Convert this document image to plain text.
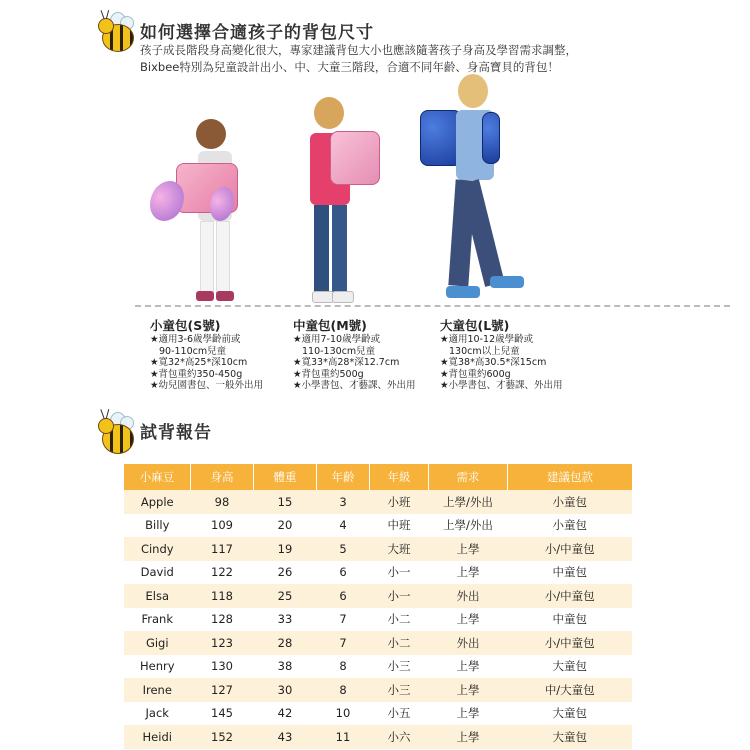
如何選擇合適孩子的背包尺寸
孩子成長階段身高變化很大，專家建議背包大小也應該隨著孩子身高及學習需求調整，
Bixbee特別為兒童設計出小、中、大童三階段，合適不同年齡、身高寶貝的背包！
小童包(S號)
★適用3-6歲學齡前或
90-110cm兒童
★寬32*高25*深10cm
★背包重約350-450g
★幼兒園書包、一般外出用
中童包(M號)
★適用7-10歲學齡或
110-130cm兒童
★寬33*高28*深12.7cm
★背包重約500g
★小學書包、才藝課、外出用
大童包(L號)
★適用10-12歲學齡或
130cm以上兒童
★寬38*高30.5*深15cm
★背包重約600g
★小學書包、才藝課、外出用
試背報告
小麻豆	身高	體重	年齡	年級	需求	建議包款
Apple	98	15	3	小班	上學/外出	小童包
Billy	109	20	4	中班	上學/外出	小童包
Cindy	117	19	5	大班	上學	小/中童包
David	122	26	6	小一	上學	中童包
Elsa	118	25	6	小一	外出	小/中童包
Frank	128	33	7	小二	上學	中童包
Gigi	123	28	7	小二	外出	小/中童包
Henry	130	38	8	小三	上學	大童包
Irene	127	30	8	小三	上學	中/大童包
Jack	145	42	10	小五	上學	大童包
Heidi	152	43	11	小六	上學	大童包
